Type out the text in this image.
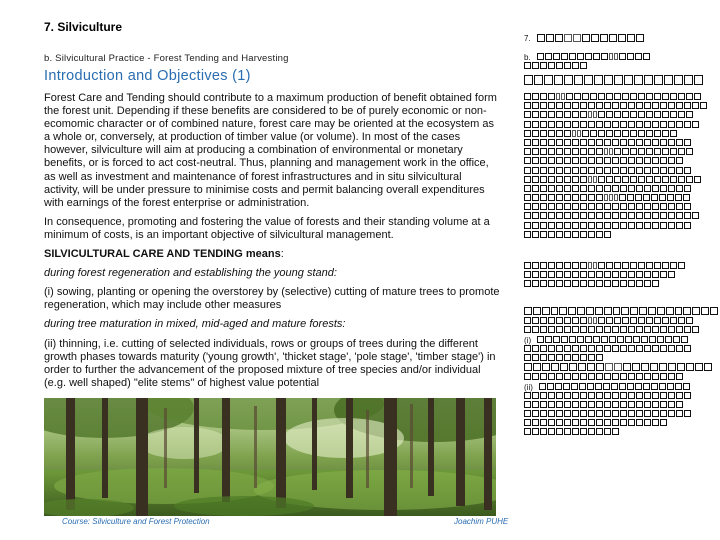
7. Silviculture
b. Silvicultural Practice - Forest Tending and Harvesting
Introduction and Objectives (1)

Forest Care and Tending should contribute to a maximum production of benefit obtained form the forest unit. Depending if these benefits are considered to be of purely economic or non-ecomomic character or of combined nature, forest care may be oriented at the ecosystem as a whole or, conversely, at production of timber value (or volume). In most of the cases however, silviculture will aim at producing a combination of environmental or monetary benefits, or is forced to act cost-neutral. Thus, planning and management work in the office, as well as investment and maintenance of forest infrastructures and in situ silvicultural activity, will be under pressure to minimise costs and permit balancing overall expenditures with earnings of the forest enterprise or administration.

In consequence, promoting and fostering the value of forests and their standing volume at a minimum of costs, is an important objective of silvicultural management.

SILVICULTURAL CARE AND TENDING means:

during forest regeneration and establishing the young stand:

(i) sowing, planting or opening the overstorey by (selective) cutting of mature trees to promote regeneration, which may include other measures

during tree maturation in mixed, mid-aged and mature forests:

(ii) thinning, i.e. cutting of selected individuals, rows or groups of trees during the different growth phases towards maturity ('young growth', 'thicket stage', 'pole stage', 'timber stage') in order to further the advancement of the proposed mixture of tree species and/or individual (e.g. well shaped) "elite stems" of highest value potential

Course: Silviculture and Forest Protection	Joachim PUHE
7.
b.
(i)
(ii)
